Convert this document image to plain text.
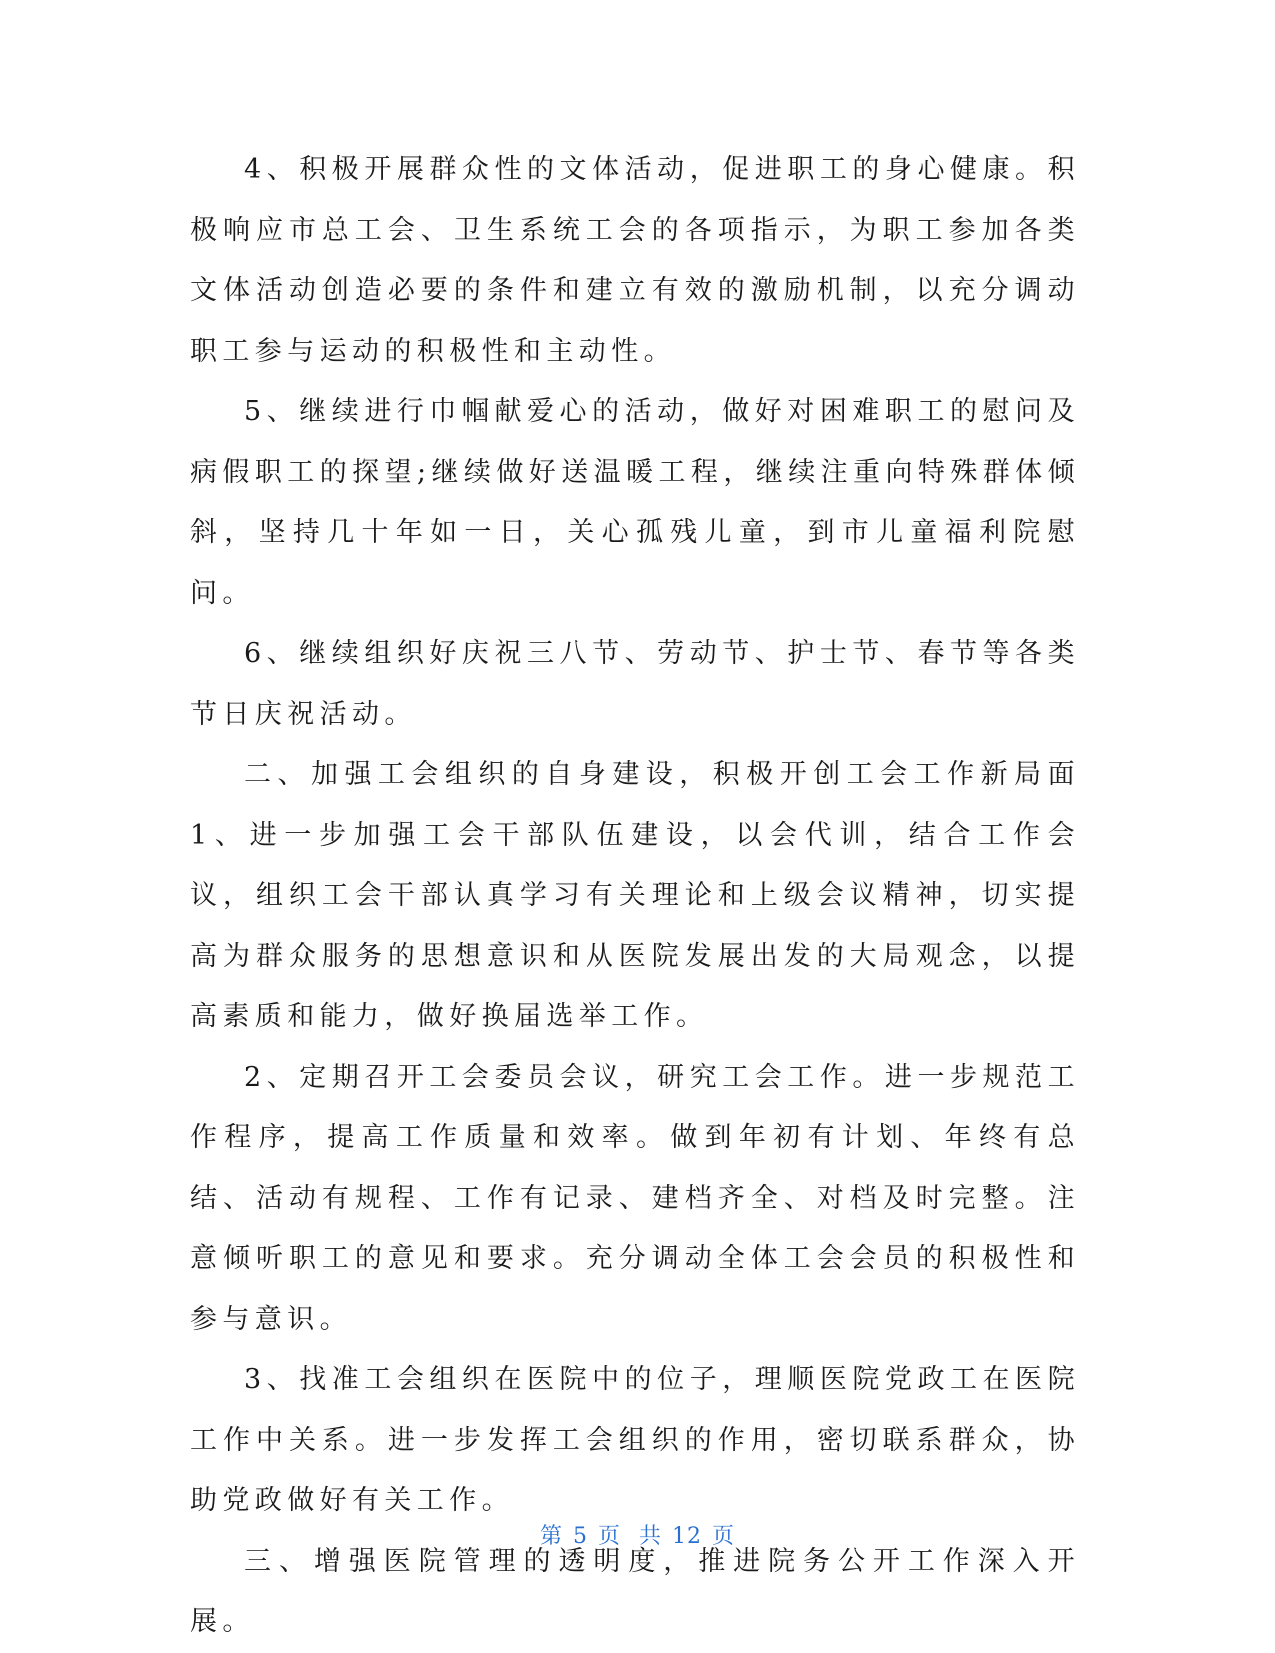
4、积极开展群众性的文体活动，促进职工的身心健康。积极响应市总工会、卫生系统工会的各项指示，为职工参加各类文体活动创造必要的条件和建立有效的激励机制，以充分调动职工参与运动的积极性和主动性。

5、继续进行巾帼献爱心的活动，做好对困难职工的慰问及病假职工的探望;继续做好送温暖工程，继续注重向特殊群体倾斜，坚持几十年如一日，关心孤残儿童，到市儿童福利院慰问。

6、继续组织好庆祝三八节、劳动节、护士节、春节等各类节日庆祝活动。

二、加强工会组织的自身建设，积极开创工会工作新局面1、进一步加强工会干部队伍建设，以会代训，结合工作会议，组织工会干部认真学习有关理论和上级会议精神，切实提高为群众服务的思想意识和从医院发展出发的大局观念，以提高素质和能力，做好换届选举工作。

2、定期召开工会委员会议，研究工会工作。进一步规范工作程序，提高工作质量和效率。做到年初有计划、年终有总结、活动有规程、工作有记录、建档齐全、对档及时完整。注意倾听职工的意见和要求。充分调动全体工会会员的积极性和参与意识。

3、找准工会组织在医院中的位子，理顺医院党政工在医院工作中关系。进一步发挥工会组织的作用，密切联系群众，协助党政做好有关工作。

三、增强医院管理的透明度，推进院务公开工作深入开展。

第 5 页 共 12 页
